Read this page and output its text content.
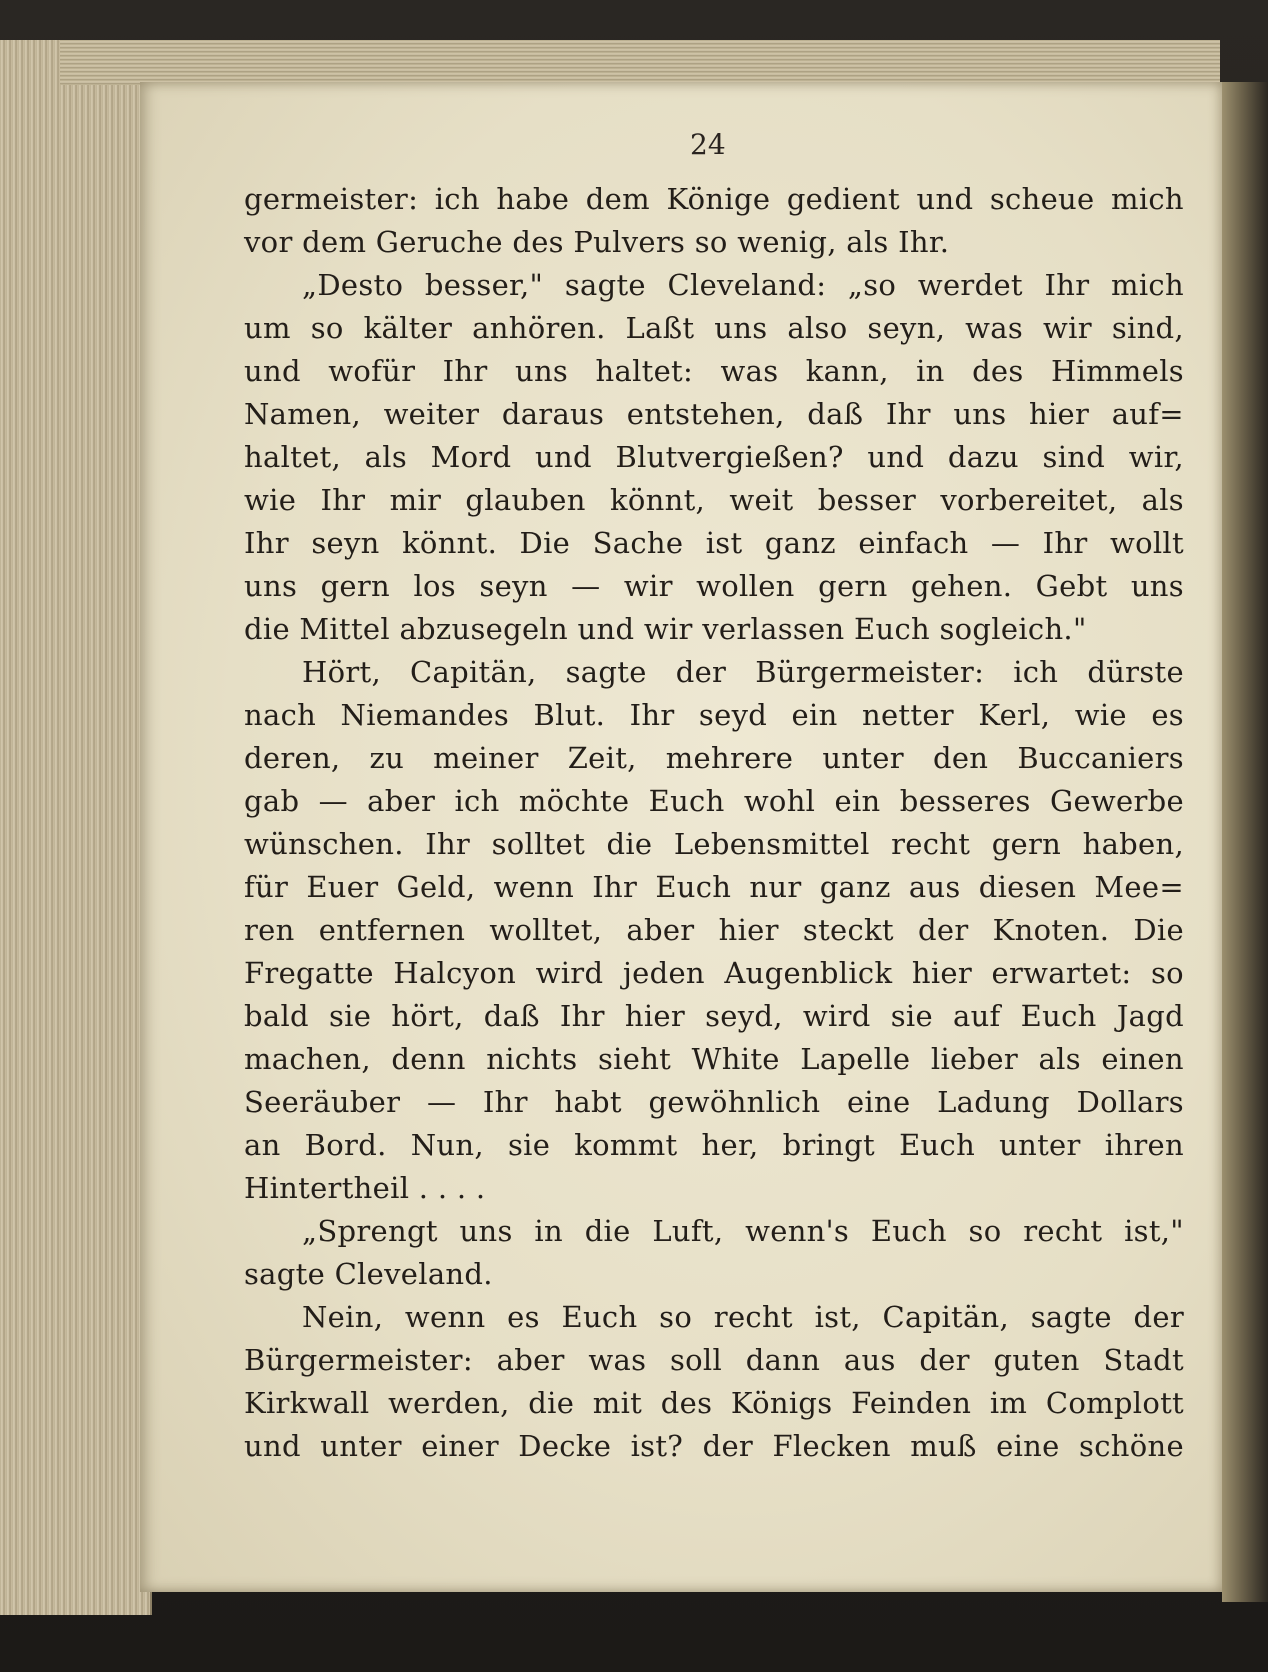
24
germeister: ich habe dem Könige gedient und scheue mich
vor dem Geruche des Pulvers so wenig, als Ihr.
„Desto besser," sagte Cleveland: „so werdet Ihr mich
um so kälter anhören. Laßt uns also seyn, was wir sind,
und wofür Ihr uns haltet: was kann, in des Himmels
Namen, weiter daraus entstehen, daß Ihr uns hier auf=
haltet, als Mord und Blutvergießen? und dazu sind wir,
wie Ihr mir glauben könnt, weit besser vorbereitet, als
Ihr seyn könnt. Die Sache ist ganz einfach — Ihr wollt
uns gern los seyn — wir wollen gern gehen. Gebt uns
die Mittel abzusegeln und wir verlassen Euch sogleich."
Hört, Capitän, sagte der Bürgermeister: ich dürste
nach Niemandes Blut. Ihr seyd ein netter Kerl, wie es
deren, zu meiner Zeit, mehrere unter den Buccaniers
gab — aber ich möchte Euch wohl ein besseres Gewerbe
wünschen. Ihr solltet die Lebensmittel recht gern haben,
für Euer Geld, wenn Ihr Euch nur ganz aus diesen Mee=
ren entfernen wolltet, aber hier steckt der Knoten. Die
Fregatte Halcyon wird jeden Augenblick hier erwartet: so
bald sie hört, daß Ihr hier seyd, wird sie auf Euch Jagd
machen, denn nichts sieht White Lapelle lieber als einen
Seeräuber — Ihr habt gewöhnlich eine Ladung Dollars
an Bord. Nun, sie kommt her, bringt Euch unter ihren
Hintertheil . . . .
„Sprengt uns in die Luft, wenn's Euch so recht ist,"
sagte Cleveland.
Nein, wenn es Euch so recht ist, Capitän, sagte der
Bürgermeister: aber was soll dann aus der guten Stadt
Kirkwall werden, die mit des Königs Feinden im Complott
und unter einer Decke ist? der Flecken muß eine schöne
